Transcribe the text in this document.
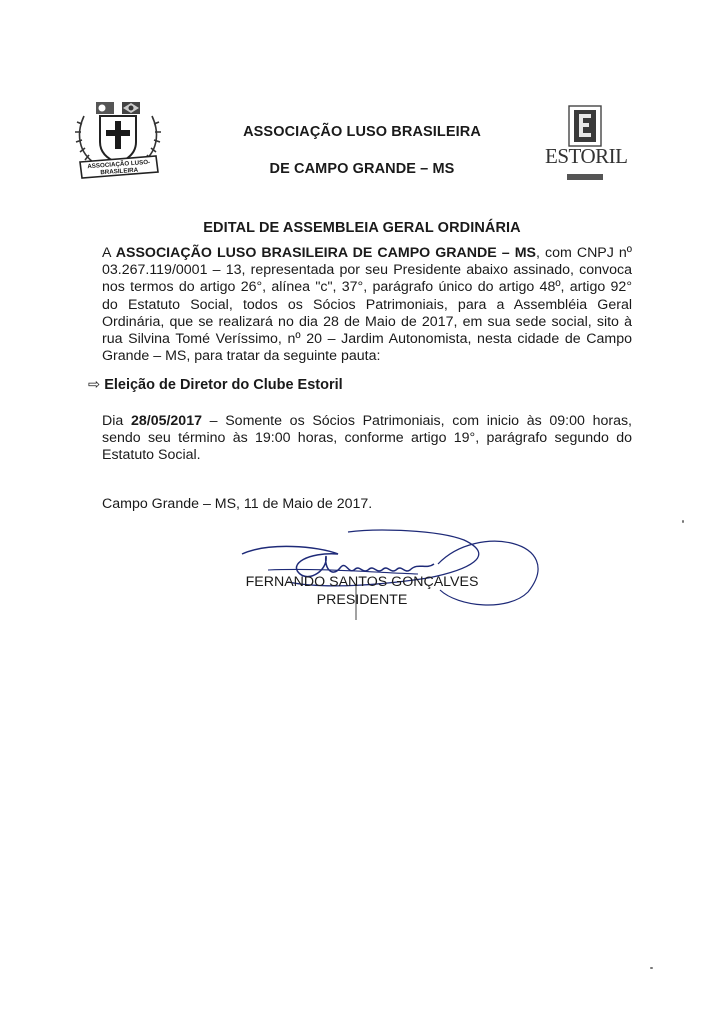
ASSOCIAÇÃO LUSO-BRASILEIRA
ESTORIL
ASSOCIAÇÃO LUSO BRASILEIRA
DE CAMPO GRANDE – MS
EDITAL DE ASSEMBLEIA GERAL ORDINÁRIA
A ASSOCIAÇÃO LUSO BRASILEIRA DE CAMPO GRANDE – MS, com CNPJ nº
03.267.119/0001 – 13, representada por seu Presidente abaixo assinado, convoca
nos termos do artigo 26°, alínea "c", 37°, parágrafo único do artigo 48º, artigo 92°
do Estatuto Social, todos os Sócios Patrimoniais, para a Assembléia Geral
Ordinária, que se realizará no dia 28 de Maio de 2017, em sua sede social, sito à
rua Silvina Tomé Veríssimo, nº 20 – Jardim Autonomista, nesta cidade de Campo
Grande – MS, para tratar da seguinte pauta:
⇨ Eleição de Diretor do Clube Estoril
Dia 28/05/2017 – Somente os Sócios Patrimoniais, com inicio às 09:00 horas,
sendo seu término às 19:00 horas, conforme artigo 19°, parágrafo segundo do
Estatuto Social.
Campo Grande – MS, 11 de Maio de 2017.
FERNANDO SANTOS GONÇALVES
PRESIDENTE
